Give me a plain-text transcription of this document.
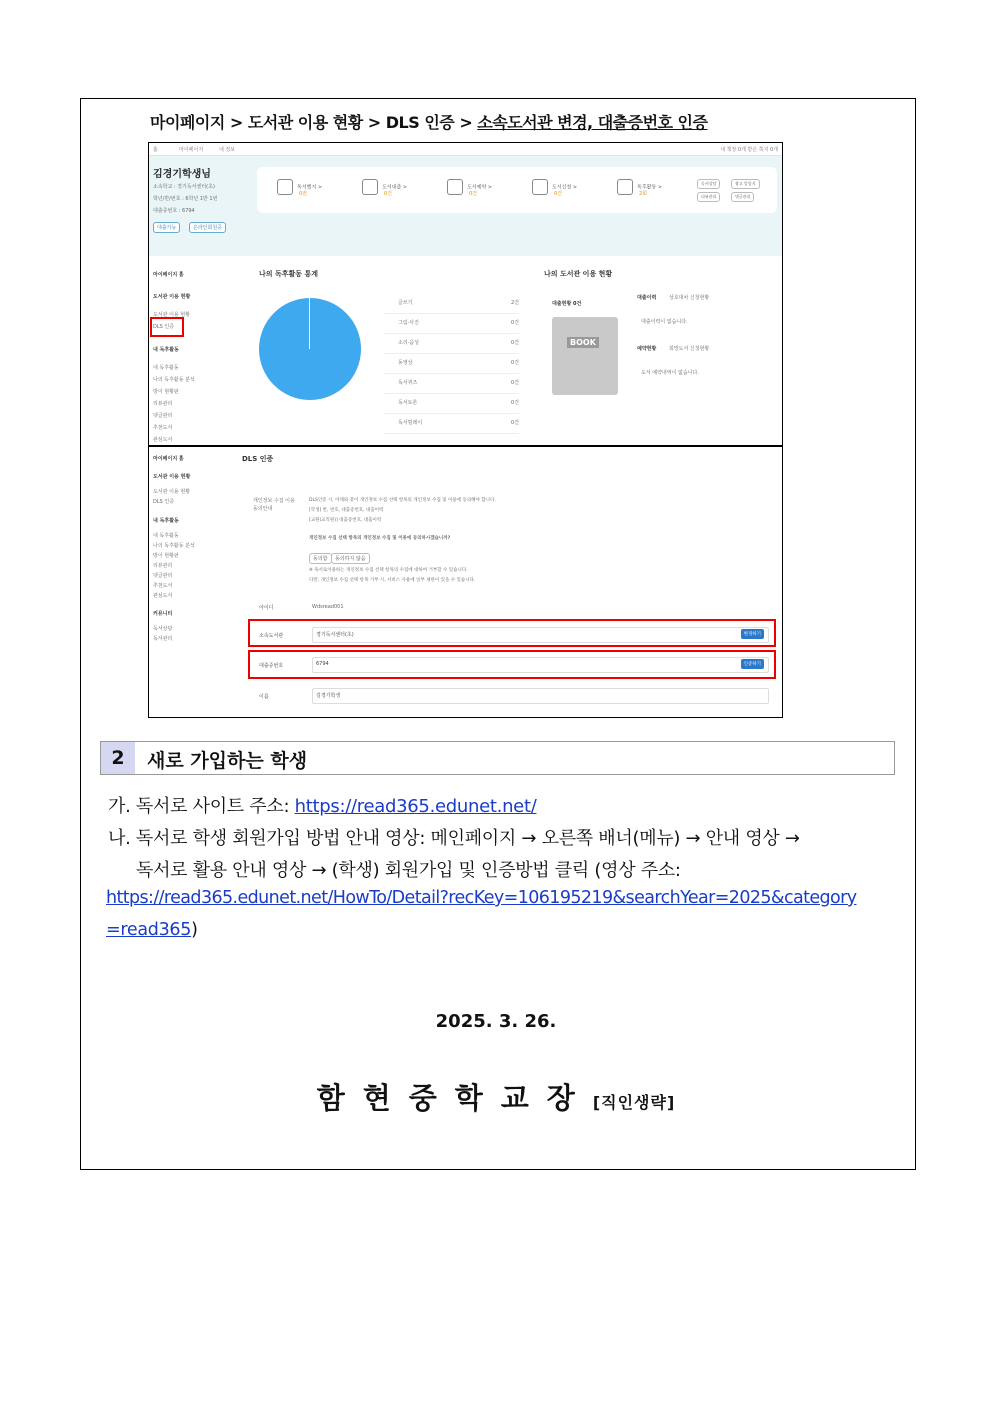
마이페이지 > 도서관 이용 현황 > DLS 인증 > 소속도서관 변경, 대출증번호 인증
홈	마이페이지	내 정보	내 책장 0개 받은 쪽지 0개
김경기학생님
소속학교 : 경기독서센터(초)
학년/반/번호 : 6학년 1반 1번
대출증번호 : 6794
대출가능	온라인회원증
독서했지 >
0권
도서대출 >
0건
도서예약 >
0건
도서신청 >
0건
독후활동 >
2회
독서상담	광고 알림지
리뷰관리	댓글관리
마이페이지 홈
도서관 이용 현황
도서관 이용 현황
DLS 인증
내 독후활동
내 독후활동
나의 독후활동 분석
방이 현황판
리뷰관리
댓글관리
추천도서
관심도서
나의 독후활동 통계
글쓰기	2건
그림·사진	0건
소리·음성	0건
동영상	0건
독서퀴즈	0건
독서토론	0건
독서릴레이	0건
나의 도서관 이용 현황
대출현황 0건
BOOK
대출이력	상호대차 신청현황
대출이력이 없습니다.
예약현황	희망도서 신청현황
도서 예약내역이 없습니다.
마이페이지 홈
도서관 이용 현황
도서관 이용 현황
DLS 인증
내 독후활동
내 독후활동
나의 독후활동 분석
방이 현황판
리뷰관리
댓글관리
추천도서
관심도서
커뮤니티
독서상담
독서관리
DLS 인증
개인정보 수집 이용 동의안내
DLS인증 시, 아래와 같이 개인정보 수집 선택 항목의 개인정보 수집 및 이용에 동의해야 합니다.
[학생] 반, 번호, 대출증번호, 대출이력
[교원(교직원)] 대출증번호, 대출이력
개인정보 수집 선택 항목의 개인정보 수집 및 이용에 동의하시겠습니까?
동의함	동의하지 않음
※ 독서로이용하는 개인정보 수집 선택 항목의 수집에 대하여 거부할 수 있습니다.
다만, 개인정보 수집 선택 항목 거부 시, 서비스 사용에 일부 제한이 있을 수 있습니다.
아이디	Wdsread001
소속도서관	경기독서센터(초)	변경하기
대출증번호	6794	인증하기
이름	김경기학생
2	새로 가입하는 학생
가. 독서로 사이트 주소: https://read365.edunet.net/
나. 독서로 학생 회원가입 방법 안내 영상: 메인페이지 → 오른쪽 배너(메뉴) → 안내 영상 →
독서로 활용 안내 영상 → (학생) 회원가입 및 인증방법 클릭 (영상 주소:
https://read365.edunet.net/HowTo/Detail?recKey=106195219&searchYear=2025&category
=read365)
2025. 3. 26.
함현중학교장[직인생략]
